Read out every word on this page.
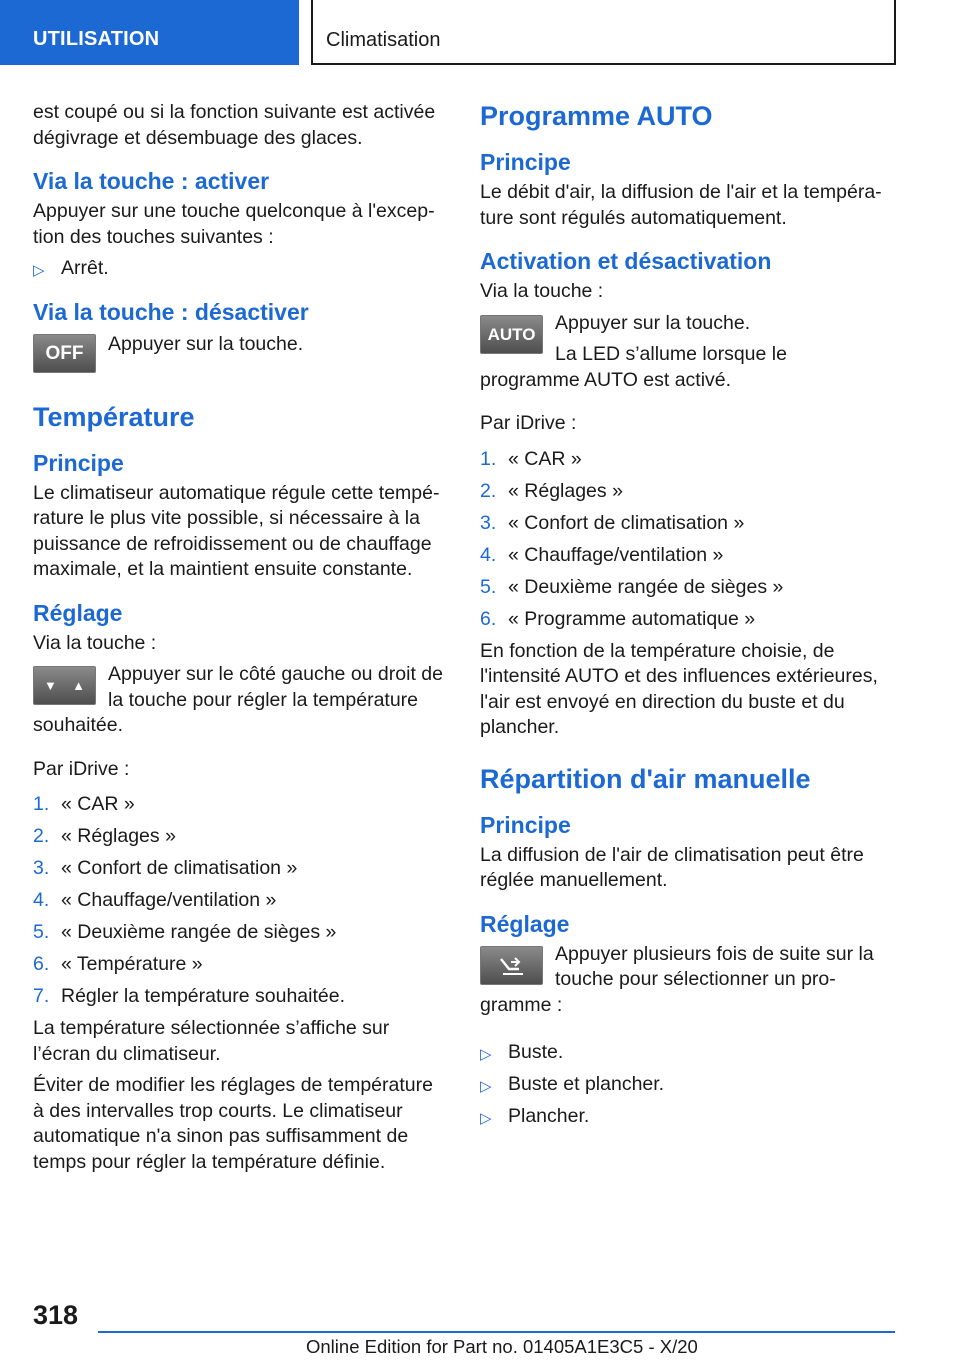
UTILISATION	Climatisation

est coupé ou si la fonction suivante est activée dégivrage et désembuage des glaces.

Via la touche : activer

Appuyer sur une touche quelconque à l'exception des touches suivantes :

▷ Arrêt.
Via la touche : désactiver
OFF	Appuyer sur la touche.

Température
Principe

Le climatiseur automatique régule cette température le plus vite possible, si nécessaire à la puissance de refroidissement ou de chauffage maximale, et la maintient ensuite constante.

Réglage

Via la touche :

▼ ▲

Appuyer sur le côté gauche ou droit de la touche pour régler la température souhaitée.

Par iDrive :

1. « CAR »
2. « Réglages »
3. « Confort de climatisation »
4. « Chauffage/ventilation »
5. « Deuxième rangée de sièges »
6. « Température »
7. Régler la température souhaitée.

La température sélectionnée s’affiche sur l’écran du climatiseur.

Éviter de modifier les réglages de température à des intervalles trop courts. Le climatiseur automatique n'a sinon pas suffisamment de temps pour régler la température définie.

Programme AUTO
Principe

Le débit d'air, la diffusion de l'air et la température sont régulés automatiquement.

Activation et désactivation

Via la touche :

AUTO

Appuyer sur la touche.

La LED s’allume lorsque le programme AUTO est activé.

Par iDrive :

1. « CAR »
2. « Réglages »
3. « Confort de climatisation »
4. « Chauffage/ventilation »
5. « Deuxième rangée de sièges »
6. « Programme automatique »

En fonction de la température choisie, de l'intensité AUTO et des influences extérieures, l'air est envoyé en direction du buste et du plancher.

Répartition d'air manuelle
Principe

La diffusion de l'air de climatisation peut être réglée manuellement.

Réglage

Appuyer plusieurs fois de suite sur la touche pour sélectionner un programme :

▷ Buste.
▷ Buste et plancher.
▷ Plancher.
318
Online Edition for Part no. 01405A1E3C5 - X/20
